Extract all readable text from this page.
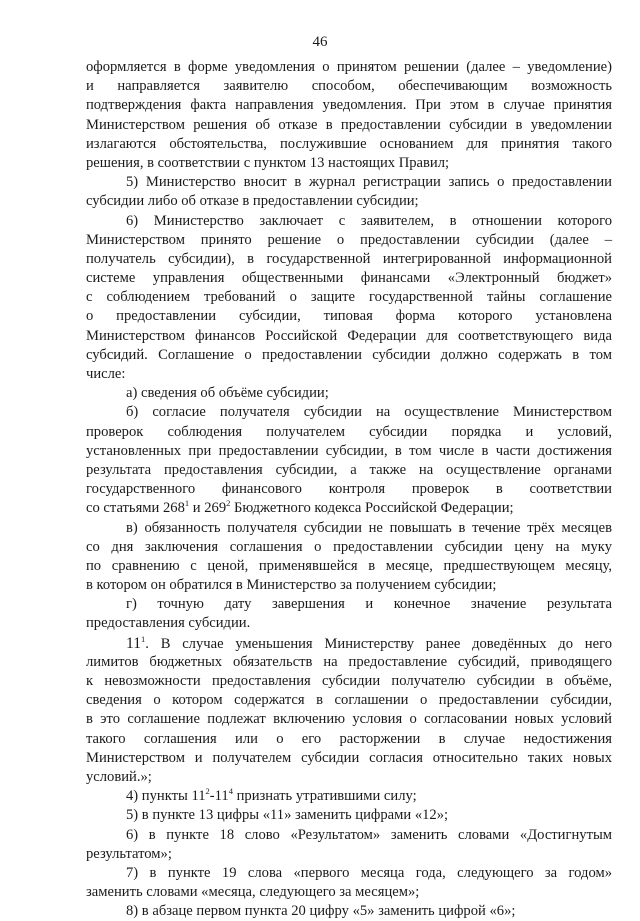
46
оформляется в форме уведомления о принятом решении (далее – уведомление)
и направляется заявителю способом, обеспечивающим возможность
подтверждения факта направления уведомления. При этом в случае принятия
Министерством решения об отказе в предоставлении субсидии в уведомлении
излагаются обстоятельства, послужившие основанием для принятия такого
решения, в соответствии с пунктом 13 настоящих Правил;
5) Министерство вносит в журнал регистрации запись о предоставлении
субсидии либо об отказе в предоставлении субсидии;
6) Министерство заключает с заявителем, в отношении которого
Министерством принято решение о предоставлении субсидии (далее –
получатель субсидии), в государственной интегрированной информационной
системе управления общественными финансами «Электронный бюджет»
с соблюдением требований о защите государственной тайны соглашение
о предоставлении субсидии, типовая форма которого установлена
Министерством финансов Российской Федерации для соответствующего вида
субсидий. Соглашение о предоставлении субсидии должно содержать в том
числе:
а) сведения об объёме субсидии;
б) согласие получателя субсидии на осуществление Министерством
проверок соблюдения получателем субсидии порядка и условий,
установленных при предоставлении субсидии, в том числе в части достижения
результата предоставления субсидии, а также на осуществление органами
государственного финансового контроля проверок в соответствии
со статьями $268^1$ и $269^2$ Бюджетного кодекса Российской Федерации;
в) обязанность получателя субсидии не повышать в течение трёх месяцев
со дня заключения соглашения о предоставлении субсидии цену на муку
по сравнению с ценой, применявшейся в месяце, предшествующем месяцу,
в котором он обратился в Министерство за получением субсидии;
г) точную дату завершения и конечное значение результата
предоставления субсидии.
$11^1$. В случае уменьшения Министерству ранее доведённых до него
лимитов бюджетных обязательств на предоставление субсидий, приводящего
к невозможности предоставления субсидии получателю субсидии в объёме,
сведения о котором содержатся в соглашении о предоставлении субсидии,
в это соглашение подлежат включению условия о согласовании новых условий
такого соглашения или о его расторжении в случае недостижения
Министерством и получателем субсидии согласия относительно таких новых
условий.»;
4) пункты $11^2-11^4$ признать утратившими силу;
5) в пункте 13 цифры «11» заменить цифрами «12»;
6) в пункте 18 слово «Результатом» заменить словами «Достигнутым
результатом»;
7) в пункте 19 слова «первого месяца года, следующего за годом»
заменить словами «месяца, следующего за месяцем»;
8) в абзаце первом пункта 20 цифру «5» заменить цифрой «6»;
